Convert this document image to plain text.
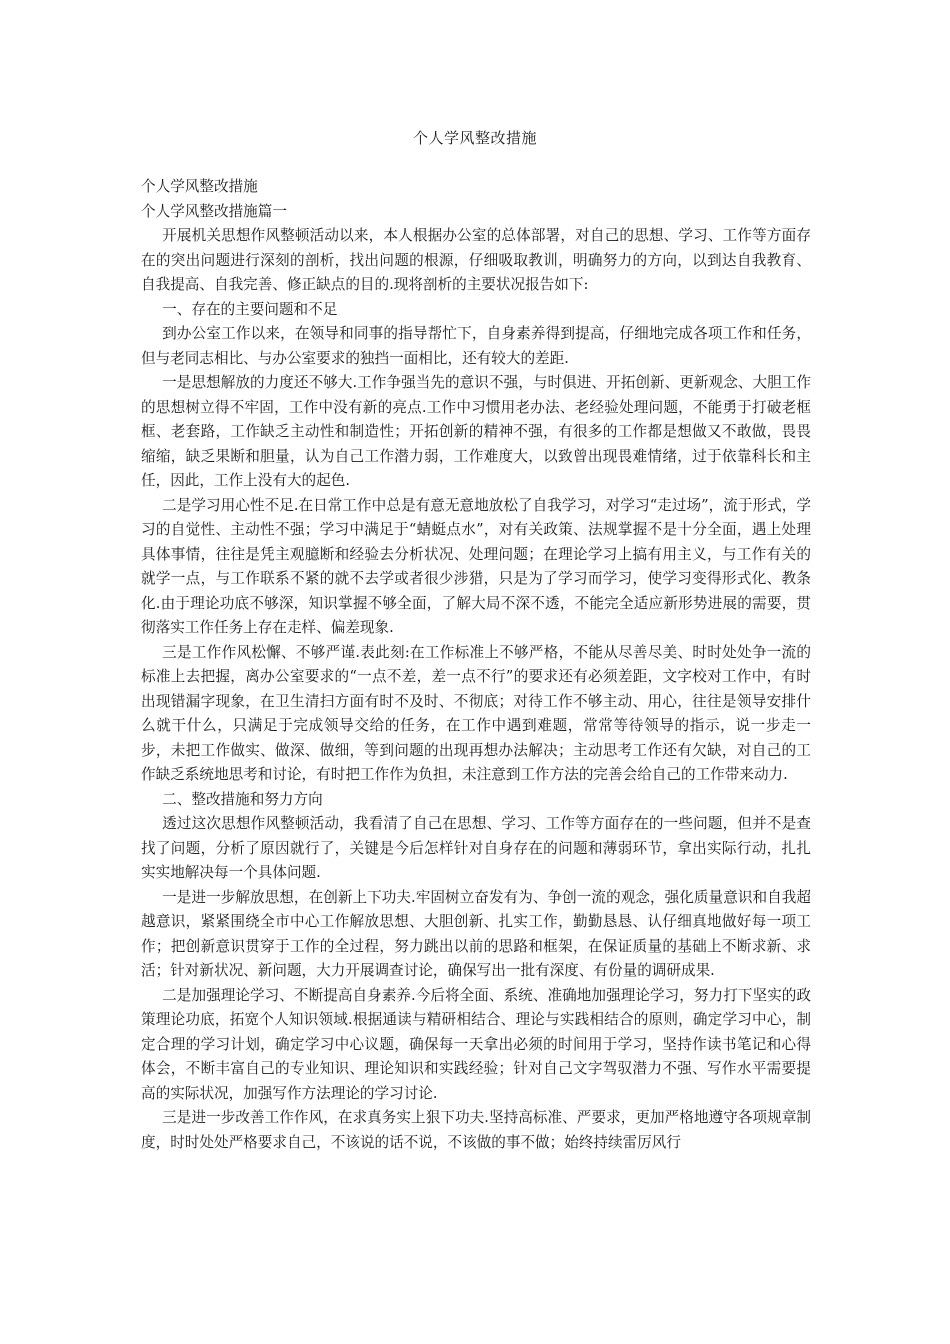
个人学风整改措施

个人学风整改措施

个人学风整改措施篇一

开展机关思想作风整顿活动以来，本人根据办公室的总体部署，对自己的思想、学习、工作等方面存在的突出问题进行深刻的剖析，找出问题的根源，仔细吸取教训，明确努力的方向，以到达自我教育、自我提高、自我完善、修正缺点的目的.现将剖析的主要状况报告如下:

一、存在的主要问题和不足

到办公室工作以来，在领导和同事的指导帮忙下，自身素养得到提高，仔细地完成各项工作和任务，但与老同志相比、与办公室要求的独挡一面相比，还有较大的差距.

一是思想解放的力度还不够大.工作争强当先的意识不强，与时俱进、开拓创新、更新观念、大胆工作的思想树立得不牢固，工作中没有新的亮点.工作中习惯用老办法、老经验处理问题，不能勇于打破老框框、老套路，工作缺乏主动性和制造性；开拓创新的精神不强，有很多的工作都是想做又不敢做，畏畏缩缩，缺乏果断和胆量，认为自己工作潜力弱，工作难度大，以致曾出现畏难情绪，过于依靠科长和主任，因此，工作上没有大的起色.

二是学习用心性不足.在日常工作中总是有意无意地放松了自我学习，对学习“走过场”，流于形式，学习的自觉性、主动性不强；学习中满足于“蜻蜓点水”，对有关政策、法规掌握不是十分全面，遇上处理具体事情，往往是凭主观臆断和经验去分析状况、处理问题；在理论学习上搞有用主义，与工作有关的就学一点，与工作联系不紧的就不去学或者很少涉猎，只是为了学习而学习，使学习变得形式化、教条化.由于理论功底不够深，知识掌握不够全面，了解大局不深不透，不能完全适应新形势进展的需要，贯彻落实工作任务上存在走样、偏差现象.

三是工作作风松懈、不够严谨.表此刻:在工作标准上不够严格，不能从尽善尽美、时时处处争一流的标准上去把握，离办公室要求的“一点不差，差一点不行”的要求还有必须差距，文字校对工作中，有时出现错漏字现象，在卫生清扫方面有时不及时、不彻底；对待工作不够主动、用心，往往是领导安排什么就干什么，只满足于完成领导交给的任务，在工作中遇到难题，常常等待领导的指示，说一步走一步，未把工作做实、做深、做细，等到问题的出现再想办法解决；主动思考工作还有欠缺，对自己的工作缺乏系统地思考和讨论，有时把工作作为负担，未注意到工作方法的完善会给自己的工作带来动力.

二、整改措施和努力方向

透过这次思想作风整顿活动，我看清了自己在思想、学习、工作等方面存在的一些问题，但并不是查找了问题，分析了原因就行了，关键是今后怎样针对自身存在的问题和薄弱环节，拿出实际行动，扎扎实实地解决每一个具体问题.

一是进一步解放思想，在创新上下功夫.牢固树立奋发有为、争创一流的观念，强化质量意识和自我超越意识，紧紧围绕全市中心工作解放思想、大胆创新、扎实工作，勤勤恳恳、认仔细真地做好每一项工作；把创新意识贯穿于工作的全过程，努力跳出以前的思路和框架，在保证质量的基础上不断求新、求活；针对新状况、新问题，大力开展调查讨论，确保写出一批有深度、有份量的调研成果.

二是加强理论学习、不断提高自身素养.今后将全面、系统、准确地加强理论学习，努力打下坚实的政策理论功底，拓宽个人知识领域.根据通读与精研相结合、理论与实践相结合的原则，确定学习中心，制定合理的学习计划，确定学习中心议题，确保每一天拿出必须的时间用于学习，坚持作读书笔记和心得体会，不断丰富自己的专业知识、理论知识和实践经验；针对自己文字驾驭潜力不强、写作水平需要提高的实际状况，加强写作方法理论的学习讨论.

三是进一步改善工作作风，在求真务实上狠下功夫.坚持高标准、严要求，更加严格地遵守各项规章制度，时时处处严格要求自己，不该说的话不说，不该做的事不做；始终持续雷厉风行
